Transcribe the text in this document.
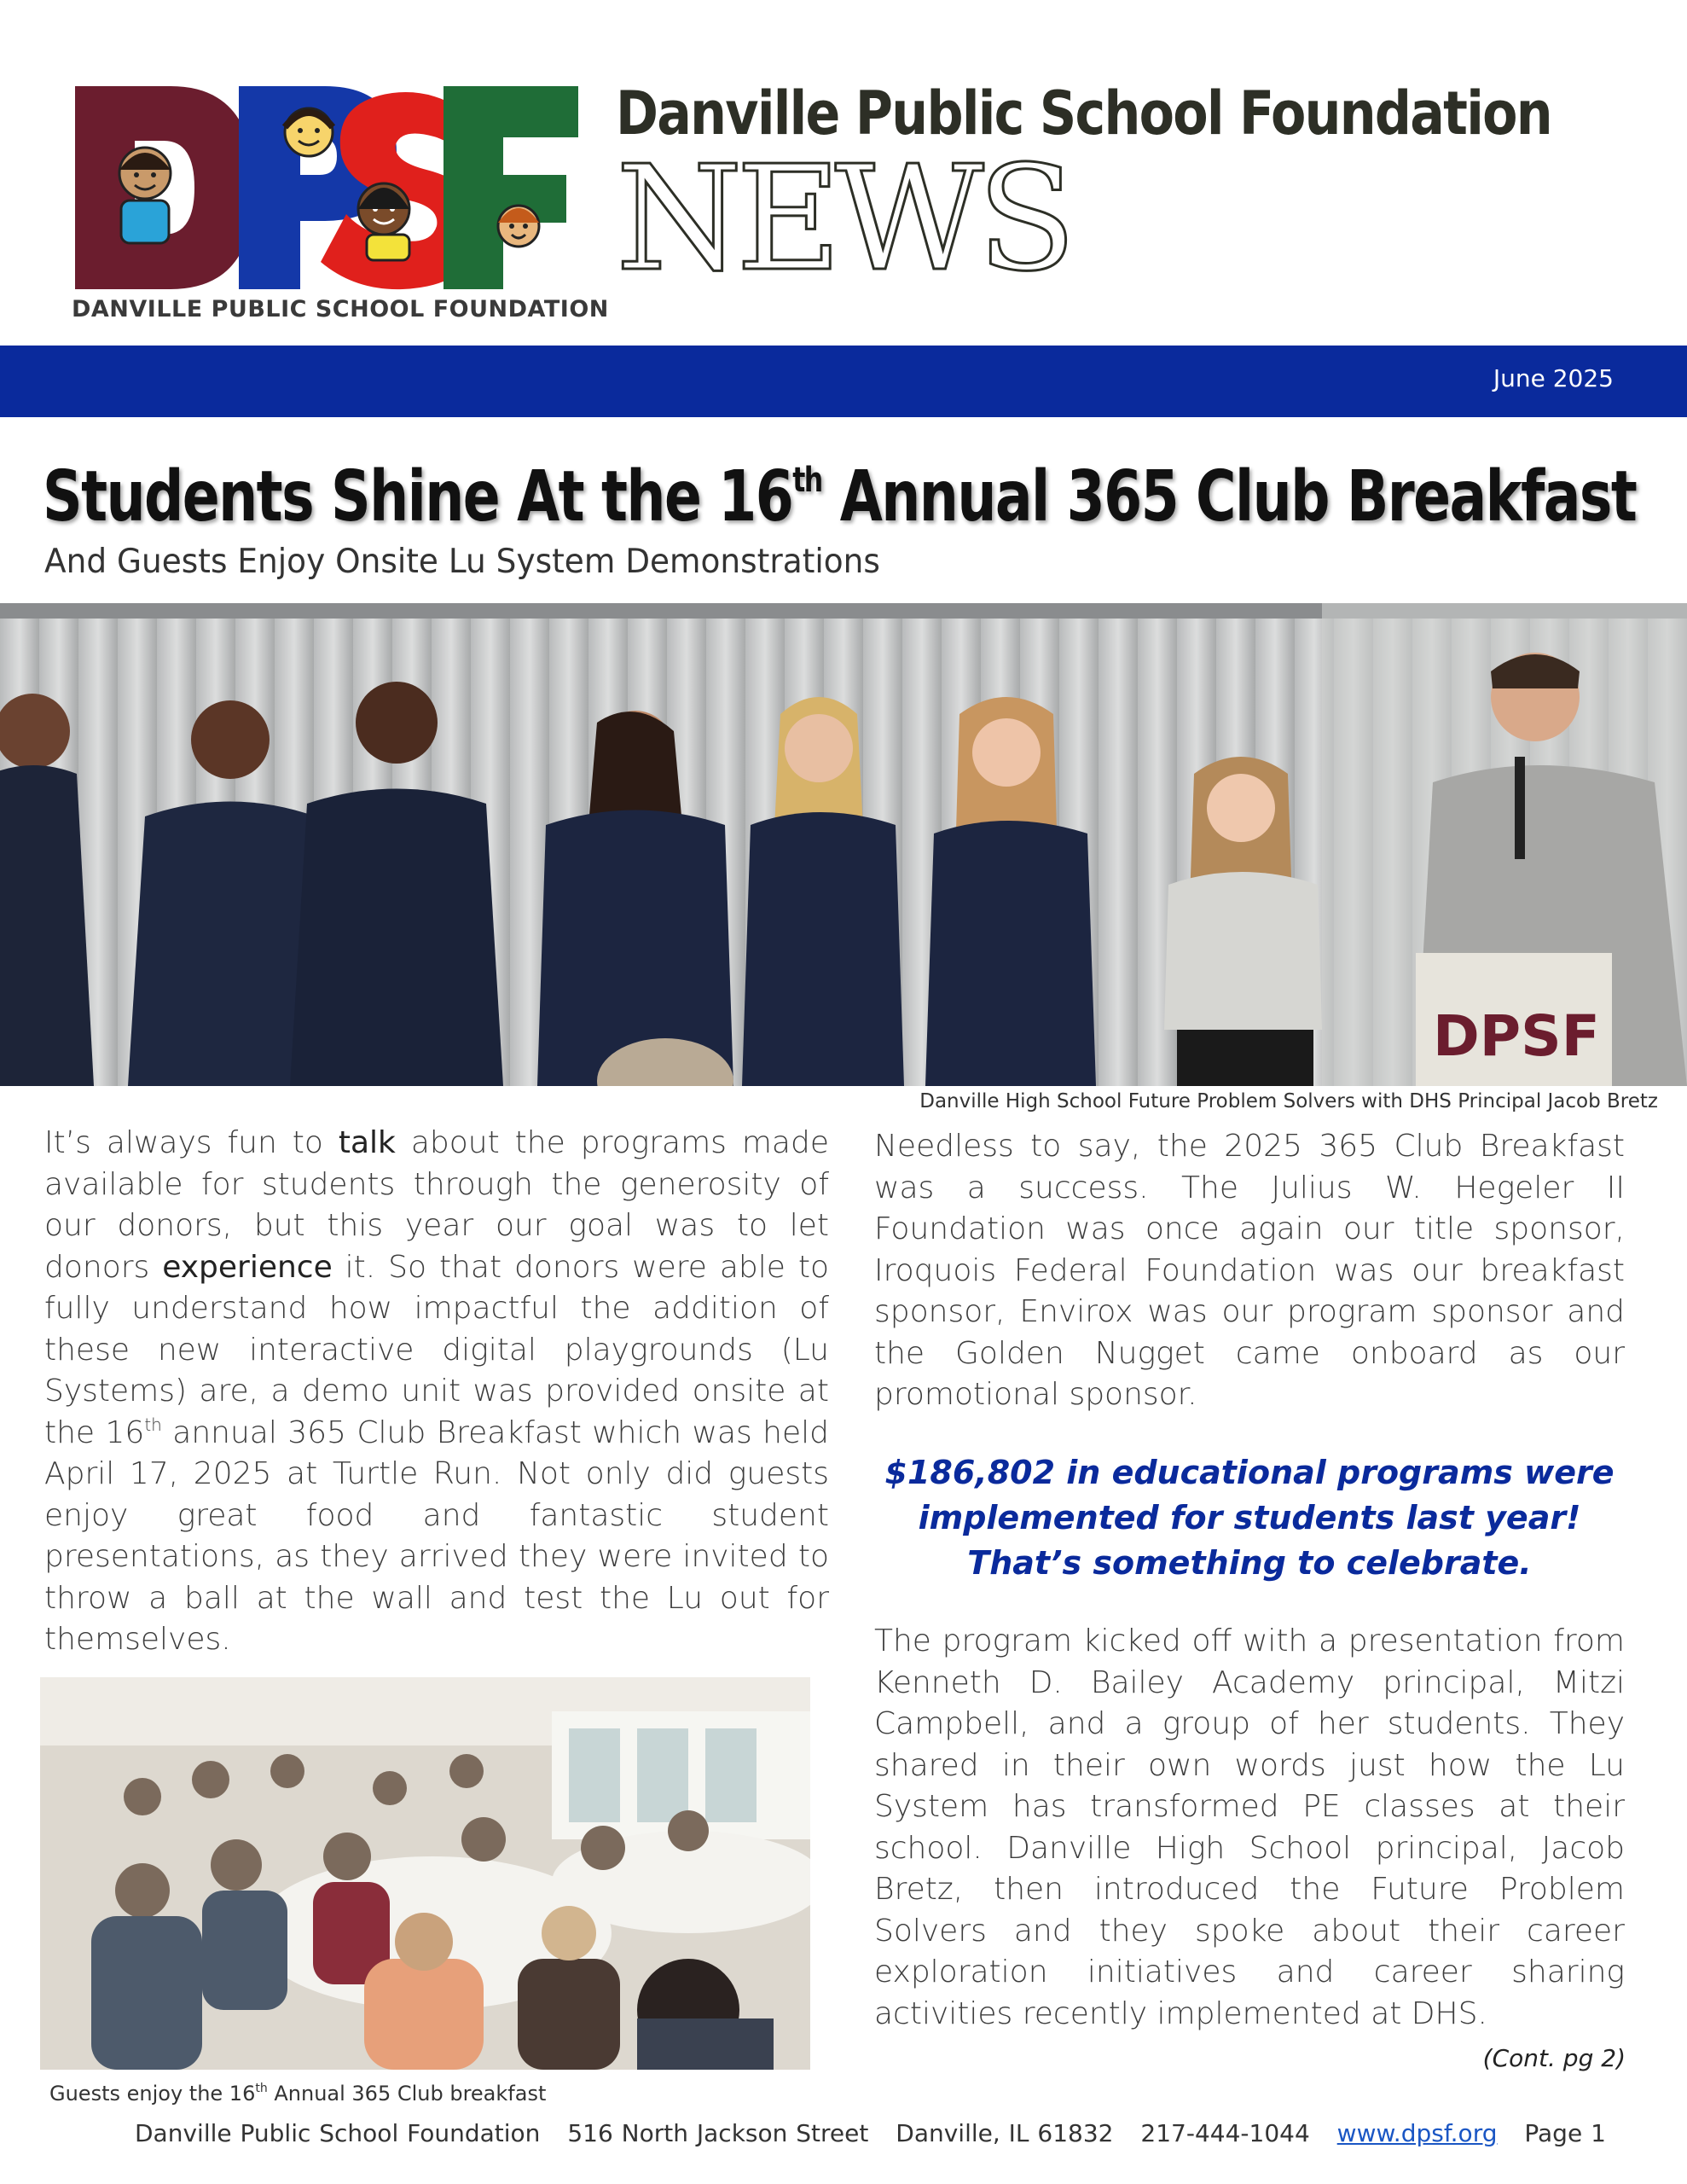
DANVILLE PUBLIC SCHOOL FOUNDATION
Danville Public School Foundation
NEWS
June 2025
Students Shine At the 16th Annual 365 Club Breakfast
And Guests Enjoy Onsite Lu System Demonstrations
DPSF
Danville High School Future Problem Solvers with DHS Principal Jacob Bretz

It’s always fun to talk about the programs made available for students through the generosity of our donors, but this year our goal was to let donors experience it. So that donors were able to fully understand how impactful the addition of these new interactive digital playgrounds (Lu Systems) are, a demo unit was provided onsite at the 16th annual 365 Club Breakfast which was held April 17, 2025 at Turtle Run. Not only did guests enjoy great food and fantastic student presentations, as they arrived they were invited to throw a ball at the wall and test the Lu out for themselves.

Guests enjoy the 16th Annual 365 Club breakfast

Needless to say, the 2025 365 Club Breakfast was a success. The Julius W. Hegeler II Foundation was once again our title sponsor, Iroquois Federal Foundation was our breakfast sponsor, Envirox was our program sponsor and the Golden Nugget came onboard as our promotional sponsor.

$186,802 in educational programs were
implemented for students last year!
That’s something to celebrate.

The program kicked off with a presentation from Kenneth D. Bailey Academy principal, Mitzi Campbell, and a group of her students. They shared in their own words just how the Lu System has transformed PE classes at their school. Danville High School principal, Jacob Bretz, then introduced the Future Problem Solvers and they spoke about their career exploration initiatives and career sharing activities recently implemented at DHS.

(Cont. pg 2)
Danville Public School Foundation 516 North Jackson Street Danville, IL 61832 217-444-1044 www.dpsf.org Page 1
